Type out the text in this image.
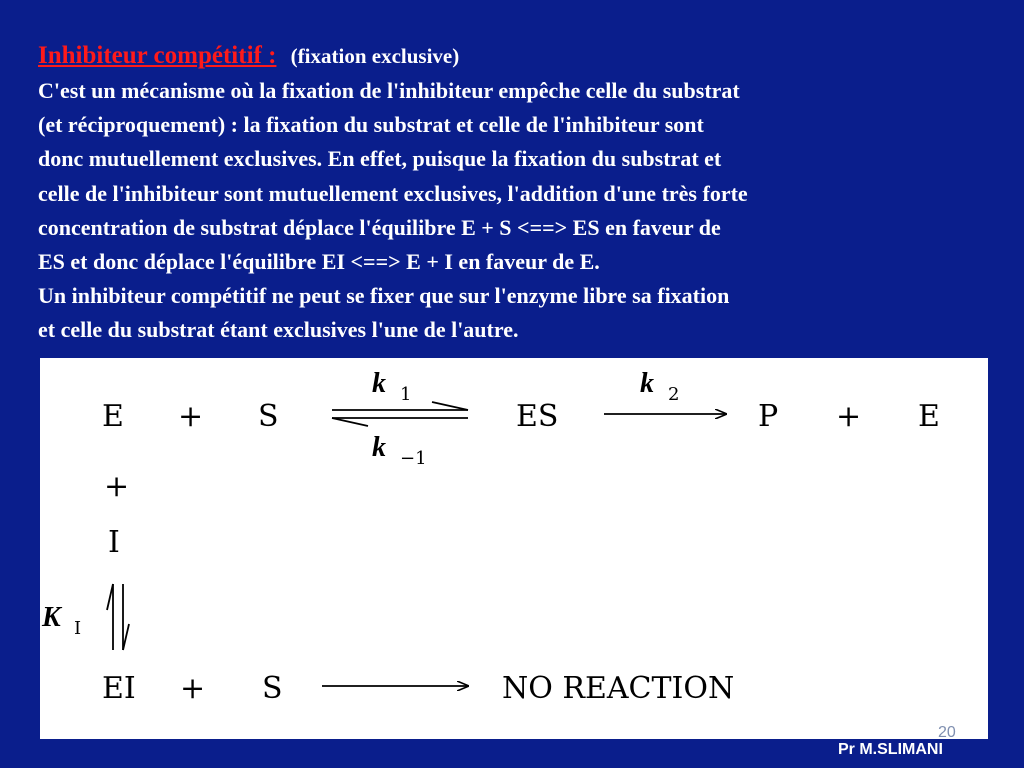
Inhibiteur compétitif : (fixation exclusive)
C'est un mécanisme où la fixation de l'inhibiteur empêche celle du substrat
(et réciproquement) : la fixation du substrat et celle de l'inhibiteur sont
donc mutuellement exclusives. En effet, puisque la fixation du substrat et
celle de l'inhibiteur sont mutuellement exclusives, l'addition d'une très forte
concentration de substrat déplace l'équilibre E + S <==> ES en faveur de
ES et donc déplace l'équilibre EI <==> E + I en faveur de E.
Un inhibiteur compétitif ne peut se fixer que sur l'enzyme libre sa fixation
et celle du substrat étant exclusives l'une de l'autre.
E + S
k 1
k −1
ES
k 2
P + E
+
I
K I
EI + S	NO REACTION
20
Pr M.SLIMANI
